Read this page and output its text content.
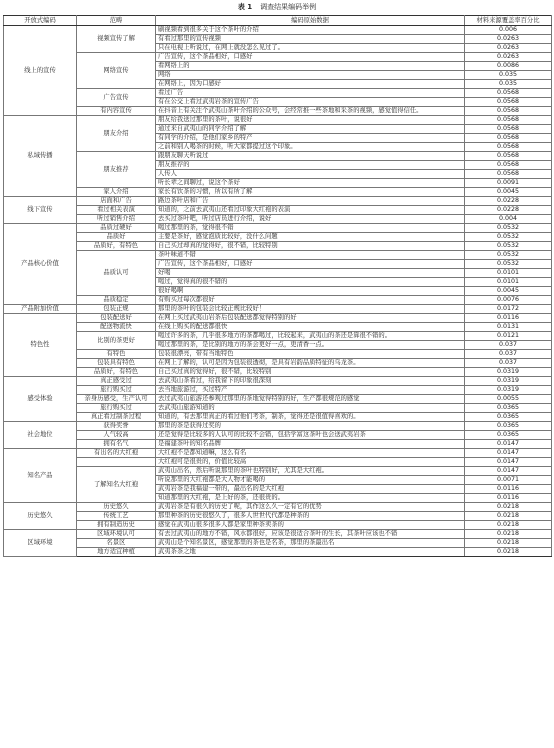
表 1 调查结果编码举例
开放式编码	范畴	编码原始数据	材料来源覆盖率百分比
线上的宣传	视频宣传了解	刷视频看到很多关于这个茶叶的介绍	0.006
		有看过那里的宣传视频	0.0263
		只在电视上听说过，在网上就没怎么见过了。	0.0263
	网络宣传	广告宣传，这个茶品相好，口感好	0.0263
		看网络上的	0.0086
		网络	0.035
		在网络上，因为口感好	0.035
	广告宣传	看过广告	0.0568
		有在公交上看过武夷岩茶的宣传广告	0.0568
	有内容宣传	在抖音上有关注个武夷山茶叶介绍的公众号，会经常推一些茶地和采茶的视频，感觉值得信任。	0.0568
私域传播	朋友介绍	朋友给我送过那里的茶叶，说很好	0.0568
		通过来自武夷山的同学介绍了解	0.0568
		有同学的介绍，是他们家乡的特产	0.0568
		之前和别人喝茶的时候，听大家都提过这个印象。	0.0568
	朋友推荐	跟朋友聊天听说过	0.0568
		朋友推荐的	0.0568
		人传人	0.0568
		听长辈之间聊过，说这个茶好	0.0091
	家人介绍	家长有饮茶的习惯，所以有所了解	0.0045
线下宣传	店面和广告	路边茶叶店和广告	0.0228
	看过相关表演	知道的，之前去武夷山还看过印象大红袍的表演	0.0228
	听过销售介绍	去买过茶叶吧，听过店员进行介绍，说好	0.004
产品核心价值	品质过硬好	喝过那里的茶，觉得很不错	0.0532
	品质好	主要是茶好，感觉泡质比较好，没什么问题	0.0532
	品质好，有特色	自己买过却真的觉得好，很不错，比较特别	0.0532
	品质认可	茶叶味道不错	0.0532
		广告宣传，这个茶品相好，口感好	0.0532
		好喝	0.0101
		喝过，觉得真的很不错的	0.0101
		很好喝啊	0.0045
	品质稳定	有购买过每次都很好	0.0076
产品附加价值	包装正规	那里的茶叶的包装会比较正规比较好！	0.0172
特色性	包装配送好	在网上买过武夷山岩茶后包装配送都觉得特别的好	0.0116
	配送物流快	在线上购买的配送都很快	0.0131
	比别的茶更好	喝过许多的茶，几乎很多地方的茶都喝过，比较起来，武夷山的茶还是算很不错的。	0.0121
		喝过那里的茶，是比别的地方的茶会更好一点，更清香一点。	0.037
	有特色	包装很漂亮，带有当地特色	0.037
	包装具有特色	在网上了解的，认可是因为包装很透彻，是具有岩韵品质特征的乌龙茶。	0.037
	品质好，有特色	自己买过真的觉得好，很不错，比较特别	0.0319
感受体验	真正感受过	去武夷山茶看过，给我留下的印象很深刻	0.0319
	旅行购买过	去当地旅游过，买过特产	0.0319
	亲身历感受，生产认可	去过武夷山旅游还参观过那里的茶地觉得特别的好，生产都很规范的感觉	0.0055
	旅行购买过	去武夷山旅游知道的	0.0365
	真正看过制茶过程	知道的，有去那里真正的看过他们考茶，制茶，觉得还是很值得喜欢的。	0.0365
社会地位	获得奖誉	那里的茶是获得过奖的	0.0365
	人气较高	还是觉得是比较多的人认可的比较不会错，包括学富这茶叶也会送武夷岩茶	0.0365
	拥有名气	是福建茶叶的知名品牌	0.0147
知名产品	有出名的大红袍	大红袍不是都知道嘛，这么有名	0.0147
		大红袍可是很贵的，价值比较高	0.0147
	了解知名大红袍	武夷山出名，然后听说那里的茶叶也特别好，尤其是大红袍。	0.0147
		听说那里的大红袍都是大人物才能喝的	0.0071
		武夷岩茶是我福建一带的，最出名的是大红袍	0.0116
		知道那里的大红袍，是上好的茶，还很贵的。	0.0116
历史悠久	历史悠久	武夷岩茶是有很久的历史了呢，其作这么久一定有它的优势	0.0218
	传统工艺	那里种茶的历史很悠久了，很多人世世代代都是种茶的	0.0218
	拥有制造历史	感觉在武夷山很多很多人都是家里种茶卖茶的	0.0218
区域环境	区域环境认可	有去过武夷山的地方不错，风水都很好，应该是很适合茶叶的生长，其茶叶应该也不错	0.0218
	名景区	武夷山是个知名景区，感觉那里的茶也是名茶，那里的茶最出名	0.0218
	地方适宜种植	武夷茶茶之地	0.0218
